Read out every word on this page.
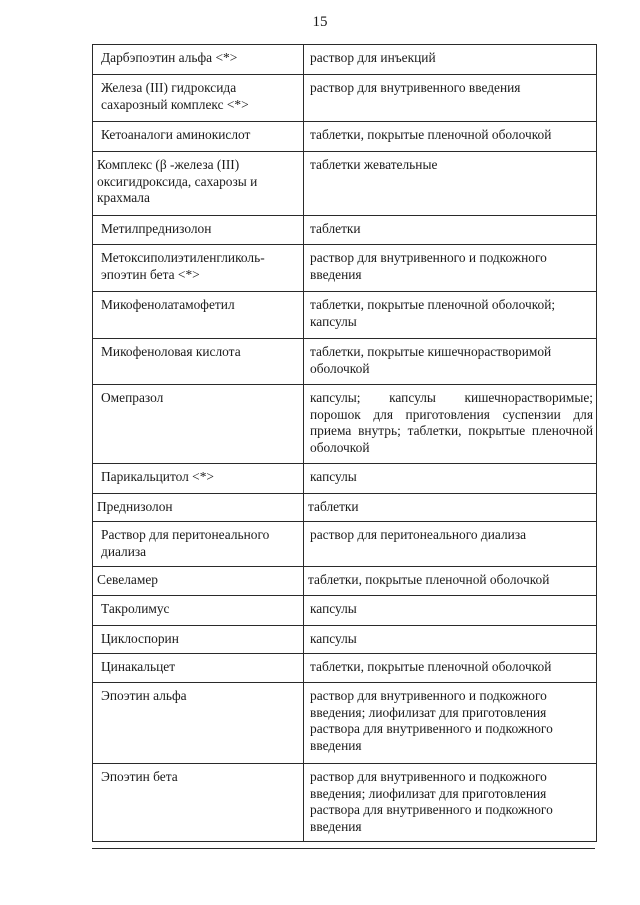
15
Дарбэпоэтин альфа <*>	раствор для инъекций
Железа (III) гидроксида сахарозный комплекс <*>	раствор для внутривенного введения
Кетоаналоги аминокислот	таблетки, покрытые пленочной оболочкой
Комплекс (β -железа (III) оксигидроксида, сахарозы и крахмала	таблетки жевательные
Метилпреднизолон	таблетки
Метоксиполиэтиленгликоль-эпоэтин бета <*>	раствор для внутривенного и подкожного введения
Микофенолатамофетил	таблетки, покрытые пленочной оболочкой; капсулы
Микофеноловая кислота	таблетки, покрытые кишечнорастворимой оболочкой
Омепразол	капсулы; капсулы кишечнорастворимые; порошок для приготовления суспензии для приема внутрь; таблетки, покрытые пленочной оболочкой
Парикальцитол <*>	капсулы
Преднизолон	таблетки
Раствор для перитонеального диализа	раствор для перитонеального диализа
Севеламер	таблетки, покрытые пленочной оболочкой
Такролимус	капсулы
Циклоспорин	капсулы
Цинакальцет	таблетки, покрытые пленочной оболочкой
Эпоэтин альфа	раствор для внутривенного и подкожного введения; лиофилизат для приготовления раствора для внутривенного и подкожного введения
Эпоэтин бета	раствор для внутривенного и подкожного введения; лиофилизат для приготовления раствора для внутривенного и подкожного введения
